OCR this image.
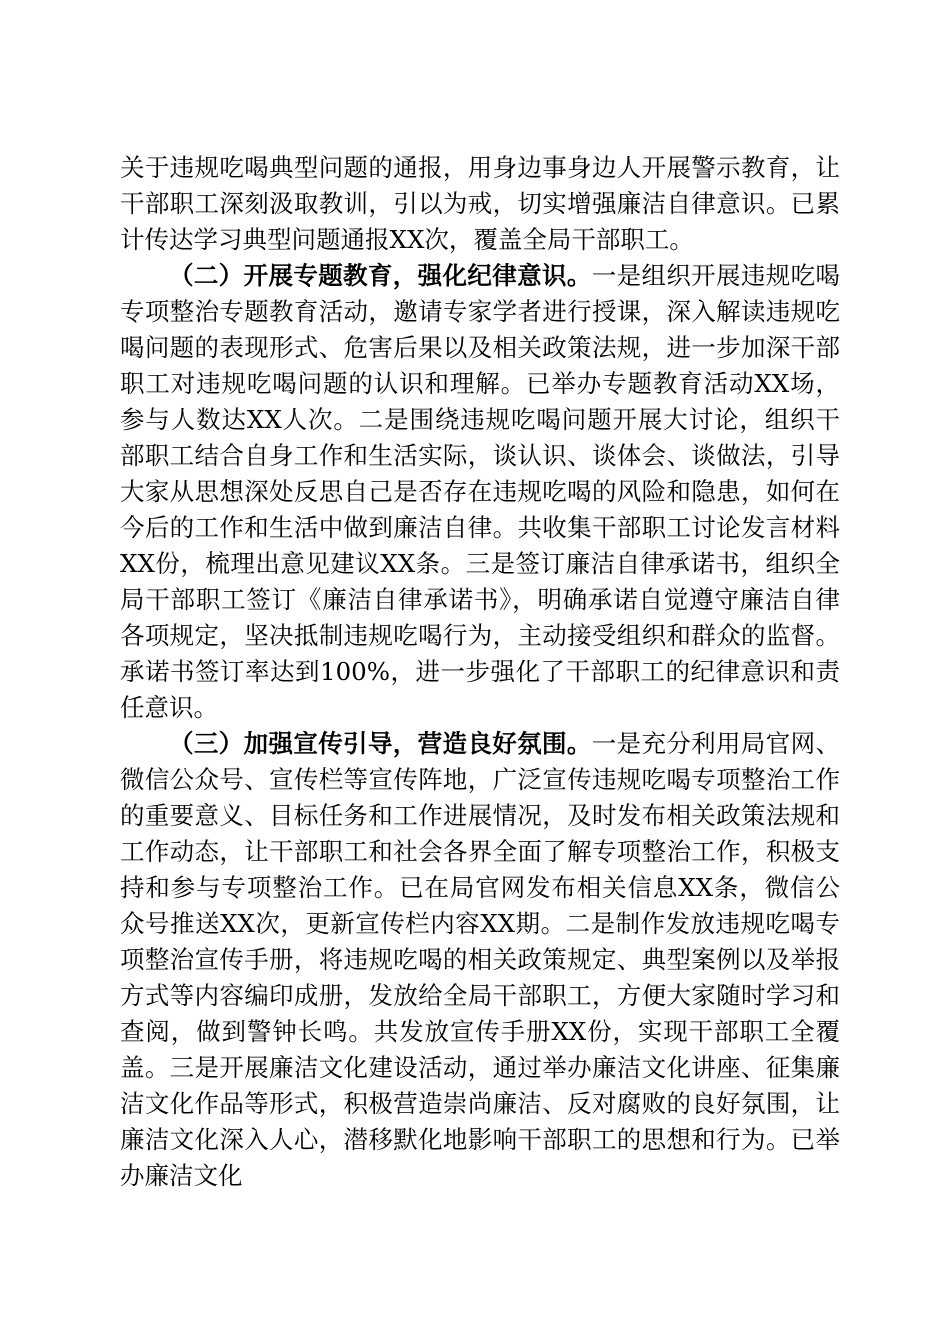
关于违规吃喝典型问题的通报，用身边事身边人开展警示教育，让干部职工深刻汲取教训，引以为戒，切实增强廉洁自律意识。已累计传达学习典型问题通报XX次，覆盖全局干部职工。

（二）开展专题教育，强化纪律意识。一是组织开展违规吃喝专项整治专题教育活动，邀请专家学者进行授课，深入解读违规吃喝问题的表现形式、危害后果以及相关政策法规，进一步加深干部职工对违规吃喝问题的认识和理解。已举办专题教育活动XX场，参与人数达XX人次。二是围绕违规吃喝问题开展大讨论，组织干部职工结合自身工作和生活实际，谈认识、谈体会、谈做法，引导大家从思想深处反思自己是否存在违规吃喝的风险和隐患，如何在今后的工作和生活中做到廉洁自律。共收集干部职工讨论发言材料XX份，梳理出意见建议XX条。三是签订廉洁自律承诺书，组织全局干部职工签订《廉洁自律承诺书》，明确承诺自觉遵守廉洁自律各项规定，坚决抵制违规吃喝行为，主动接受组织和群众的监督。承诺书签订率达到100%，进一步强化了干部职工的纪律意识和责任意识。

（三）加强宣传引导，营造良好氛围。一是充分利用局官网、微信公众号、宣传栏等宣传阵地，广泛宣传违规吃喝专项整治工作的重要意义、目标任务和工作进展情况，及时发布相关政策法规和工作动态，让干部职工和社会各界全面了解专项整治工作，积极支持和参与专项整治工作。已在局官网发布相关信息XX条，微信公众号推送XX次，更新宣传栏内容XX期。二是制作发放违规吃喝专项整治宣传手册，将违规吃喝的相关政策规定、典型案例以及举报方式等内容编印成册，发放给全局干部职工，方便大家随时学习和查阅，做到警钟长鸣。共发放宣传手册XX份，实现干部职工全覆盖。三是开展廉洁文化建设活动，通过举办廉洁文化讲座、征集廉洁文化作品等形式，积极营造崇尚廉洁、反对腐败的良好氛围，让廉洁文化深入人心，潜移默化地影响干部职工的思想和行为。已举办廉洁文化
